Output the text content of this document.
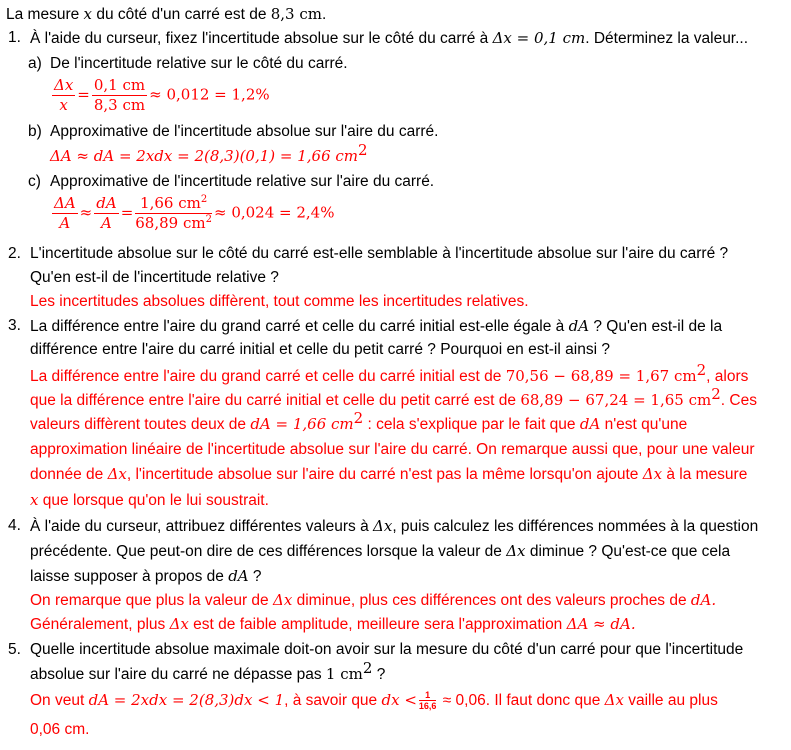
La mesure x du côté d'un carré est de 8,3 cm.
1. À l'aide du curseur, fixez l'incertitude absolue sur le côté du carré à Δx = 0,1 cm. Déterminez la valeur...
a) De l'incertitude relative sur le côté du carré.
$\frac{\Delta x}{x} = \frac{0,1 cm}{8,3 cm} \approx 0,012 = 1,2\%$
b) Approximative de l'incertitude absolue sur l'aire du carré.
ΔA ≈ dA = 2xdx = 2(8,3)(0,1) = 1,66 $cm^2$
c) Approximative de l'incertitude relative sur l'aire du carré.
$\frac{\Delta A}{A} \approx \frac{dA}{A} = \frac{1,66 cm^2}{68,89 cm^2} \approx 0,024 = 2,4\%$
2. L'incertitude absolue sur le côté du carré est-elle semblable à l'incertitude absolue sur l'aire du carré ?
Qu'en est-il de l'incertitude relative ?
Les incertitudes absolues diffèrent, tout comme les incertitudes relatives.
3. La différence entre l'aire du grand carré et celle du carré initial est-elle égale à dA ? Qu'en est-il de la
différence entre l'aire du carré initial et celle du petit carré ? Pourquoi en est-il ainsi ?
La différence entre l'aire du grand carré et celle du carré initial est de 70,56 − 68,89 = 1,67 $cm^2$, alors
que la différence entre l'aire du carré initial et celle du petit carré est de 68,89 − 67,24 = 1,65 $cm^2$. Ces
valeurs diffèrent toutes deux de dA = 1,66 $cm^2$ : cela s'explique par le fait que dA n'est qu'une
approximation linéaire de l'incertitude absolue sur l'aire du carré. On remarque aussi que, pour une valeur
donnée de Δx, l'incertitude absolue sur l'aire du carré n'est pas la même lorsqu'on ajoute Δx à la mesure
x que lorsque qu'on le lui soustrait.
4. À l'aide du curseur, attribuez différentes valeurs à Δx, puis calculez les différences nommées à la question
précédente. Que peut-on dire de ces différences lorsque la valeur de Δx diminue ? Qu'est-ce que cela
laisse supposer à propos de dA ?
On remarque que plus la valeur de Δx diminue, plus ces différences ont des valeurs proches de dA.
Généralement, plus Δx est de faible amplitude, meilleure sera l'approximation ΔA ≈ dA.
5. Quelle incertitude absolue maximale doit-on avoir sur la mesure du côté d'un carré pour que l'incertitude
absolue sur l'aire du carré ne dépasse pas 1 $cm^2$ ?
On veut dA = 2xdx = 2(8,3)dx < 1, à savoir que dx < $\frac{1}{16,6} \approx 0,06$. Il faut donc que Δx vaille au plus
0,06 cm.
